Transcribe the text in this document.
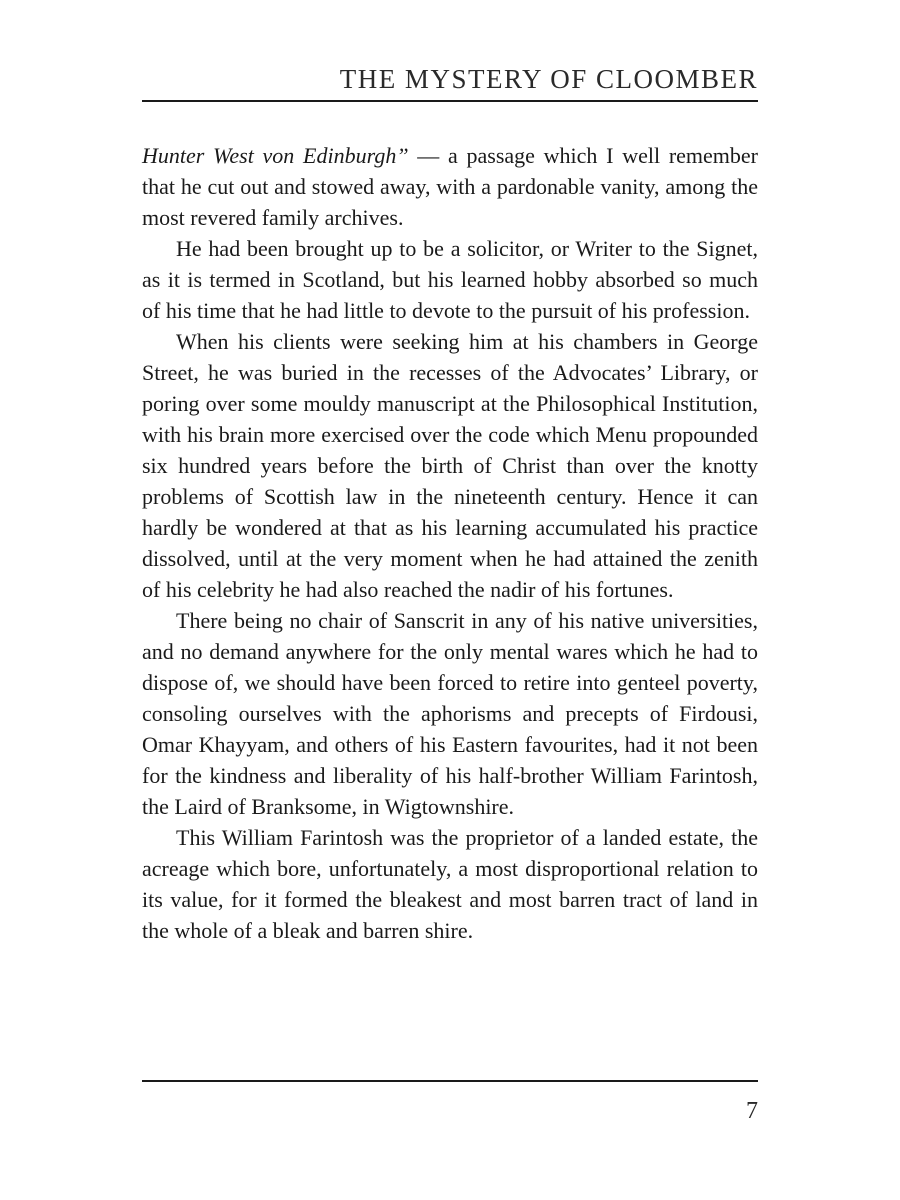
THE MYSTERY OF CLOOMBER

Hunter West von Edinburgh” — a passage which I well remember that he cut out and stowed away, with a pardonable vanity, among the most revered family archives.

He had been brought up to be a solicitor, or Writer to the Signet, as it is termed in Scotland, but his learned hobby absorbed so much of his time that he had little to devote to the pursuit of his profession.

When his clients were seeking him at his chambers in George Street, he was buried in the recesses of the Advocates’ Library, or poring over some mouldy manuscript at the Philosophical Institution, with his brain more exercised over the code which Menu propounded six hundred years before the birth of Christ than over the knotty problems of Scottish law in the nineteenth century. Hence it can hardly be wondered at that as his learning accumulated his practice dissolved, until at the very moment when he had attained the zenith of his celebrity he had also reached the nadir of his fortunes.

There being no chair of Sanscrit in any of his native universities, and no demand anywhere for the only mental wares which he had to dispose of, we should have been forced to retire into genteel poverty, consoling ourselves with the aphorisms and precepts of Firdousi, Omar Khayyam, and others of his Eastern favourites, had it not been for the kindness and liberality of his half-brother William Farintosh, the Laird of Branksome, in Wigtownshire.

This William Farintosh was the proprietor of a landed estate, the acreage which bore, unfortunately, a most disproportional relation to its value, for it formed the bleakest and most barren tract of land in the whole of a bleak and barren shire.

7
